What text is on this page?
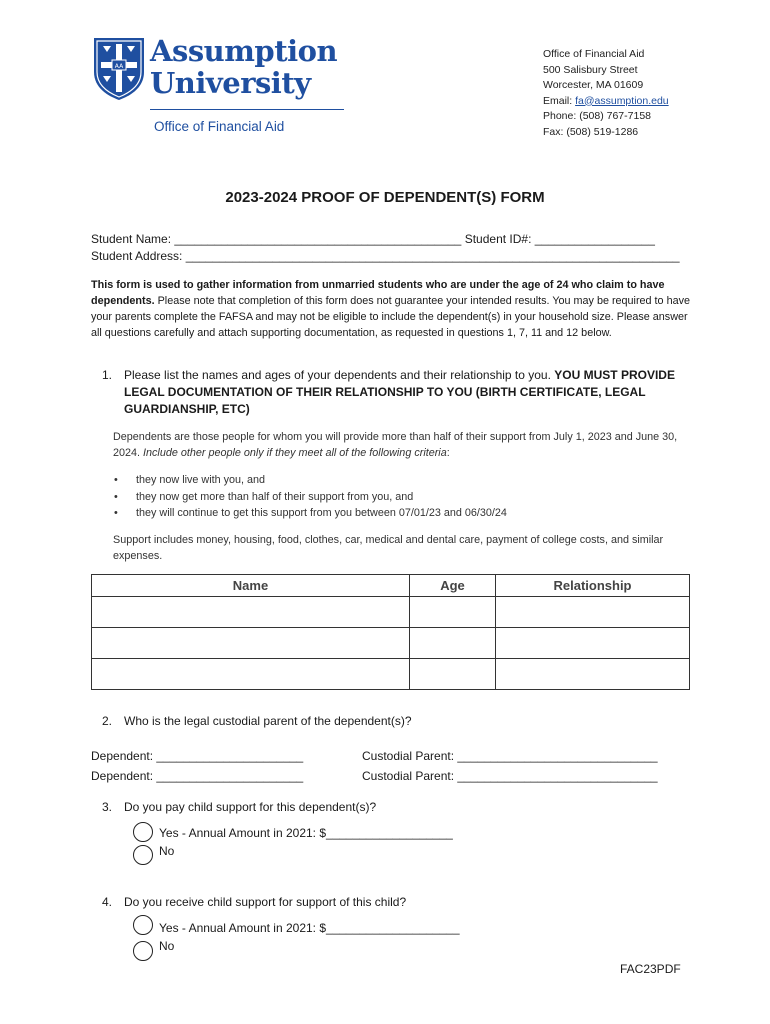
AA Assumption
University
Office of Financial Aid
Office of Financial Aid
500 Salisbury Street
Worcester, MA 01609
Email: fa@assumption.edu
Phone: (508) 767-7158
Fax: (508) 519-1286
2023-2024 PROOF OF DEPENDENT(S) FORM
Student Name: ___________________________________________ Student ID#: __________________
Student Address: __________________________________________________________________________
This form is used to gather information from unmarried students who are under the age of 24 who claim to have dependents. Please note that completion of this form does not guarantee your intended results. You may be required to have your parents complete the FAFSA and may not be eligible to include the dependent(s) in your household size. Please answer all questions carefully and attach supporting documentation, as requested in questions 1, 7, 11 and 12 below.
1. Please list the names and ages of your dependents and their relationship to you. YOU MUST PROVIDE LEGAL DOCUMENTATION OF THEIR RELATIONSHIP TO YOU (BIRTH CERTIFICATE, LEGAL GUARDIANSHIP, ETC)
Dependents are those people for whom you will provide more than half of their support from July 1, 2023 and June 30, 2024. Include other people only if they meet all of the following criteria:
• they now live with you, and
• they now get more than half of their support from you, and
• they will continue to get this support from you between 07/01/23 and 06/30/24
Support includes money, housing, food, clothes, car, medical and dental care, payment of college costs, and similar expenses.
Name	Age	Relationship

2. Who is the legal custodial parent of the dependent(s)?
Dependent: ______________________	Custodial Parent: ______________________________
Dependent: ______________________	Custodial Parent: ______________________________
3. Do you pay child support for this dependent(s)?
Yes - Annual Amount in 2021: $___________________
No
4. Do you receive child support for support of this child?
Yes - Annual Amount in 2021: $____________________
No
FAC23PDF
